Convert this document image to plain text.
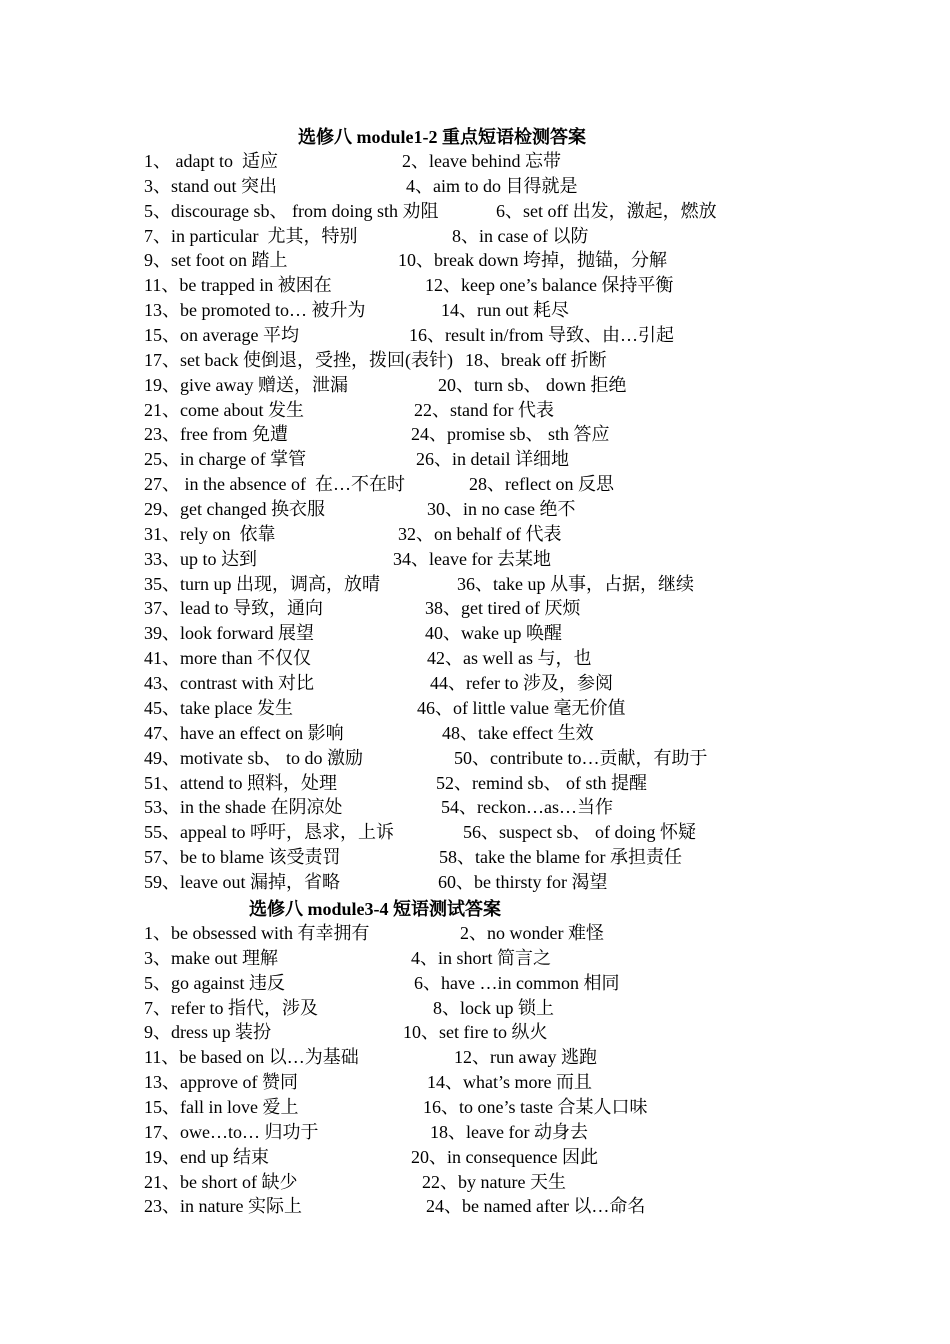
选修八 module1-2 重点短语检测答案
1、 adapt to  适应	2、leave behind 忘带
3、stand out 突出	4、aim to do 目得就是
5、discourage sb、 from doing sth 劝阻	6、set off 出发，激起，燃放
7、in particular  尤其，特别	8、in case of 以防
9、set foot on 踏上	10、break down 垮掉，抛锚，分解
11、be trapped in 被困在	12、keep one’s balance 保持平衡
13、be promoted to… 被升为	14、run out 耗尽
15、on average 平均	16、result in/from 导致、由…引起
17、set back 使倒退，受挫，拨回(表针) 18、break off 折断
19、give away 赠送，泄漏	20、turn sb、 down 拒绝
21、come about 发生	22、stand for 代表
23、free from 免遭	24、promise sb、 sth 答应
25、in charge of 掌管	26、in detail 详细地
27、 in the absence of  在…不在时	28、reflect on 反思
29、get changed 换衣服	30、in no case 绝不
31、rely on  依靠	32、on behalf of 代表
33、up to 达到	34、leave for 去某地
35、turn up 出现，调高，放晴	36、take up 从事，占据，继续
37、lead to 导致，通向	38、get tired of 厌烦
39、look forward 展望	40、wake up 唤醒
41、more than 不仅仅	42、as well as 与，也
43、contrast with 对比	44、refer to 涉及，参阅
45、take place 发生	46、of little value 毫无价值
47、have an effect on 影响	48、take effect 生效
49、motivate sb、 to do 激励	50、contribute to…贡献，有助于
51、attend to 照料，处理	52、remind sb、 of sth 提醒
53、in the shade 在阴凉处	54、reckon…as…当作
55、appeal to 呼吁，恳求，上诉	56、suspect sb、 of doing 怀疑
57、be to blame 该受责罚	58、take the blame for 承担责任
59、leave out 漏掉，省略	60、be thirsty for 渴望
选修八 module3-4 短语测试答案
1、be obsessed with 有幸拥有	2、no wonder 难怪
3、make out 理解	4、in short 简言之
5、go against 违反	6、have …in common 相同
7、refer to 指代，涉及	8、lock up 锁上
9、dress up 装扮	10、set fire to 纵火
11、be based on 以…为基础	12、run away 逃跑
13、approve of 赞同	14、what’s more 而且
15、fall in love 爱上	16、to one’s taste 合某人口味
17、owe…to… 归功于	18、leave for 动身去
19、end up 结束	20、in consequence 因此
21、be short of 缺少	22、by nature 天生
23、in nature 实际上	24、be named after 以…命名
